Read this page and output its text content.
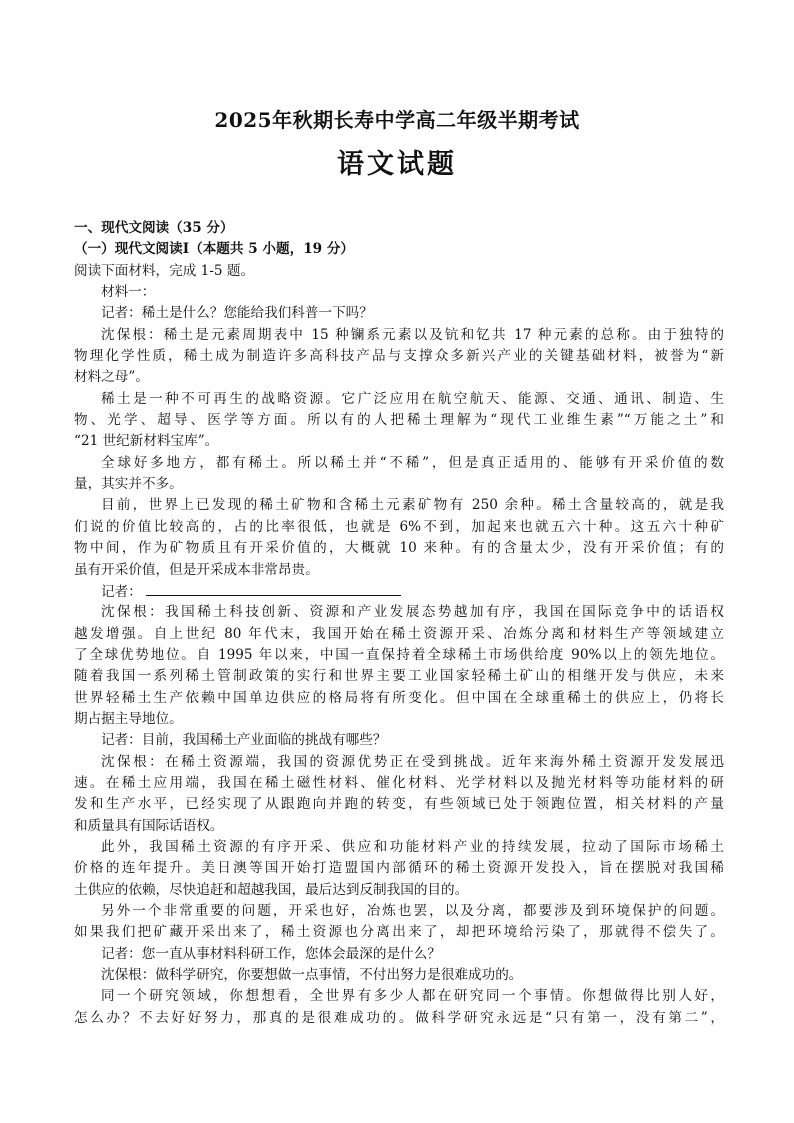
2025年秋期长寿中学高二年级半期考试
语文试题
一、现代文阅读（35 分）
（一）现代文阅读Ⅰ（本题共 5 小题，19 分）
阅读下面材料，完成 1-5 题。
材料一：
记者：稀土是什么？您能给我们科普一下吗？
沈保根：稀土是元素周期表中 15 种镧系元素以及钪和钇共 17 种元素的总称。由于独特的
物理化学性质，稀土成为制造许多高科技产品与支撑众多新兴产业的关键基础材料，被誉为“新
材料之母”。
稀土是一种不可再生的战略资源。它广泛应用在航空航天、能源、交通、通讯、制造、生
物、光学、超导、医学等方面。所以有的人把稀土理解为“现代工业维生素”“万能之土”和
“21 世纪新材料宝库”。
全球好多地方，都有稀土。所以稀土并“不稀”，但是真正适用的、能够有开采价值的数
量，其实并不多。
目前，世界上已发现的稀土矿物和含稀土元素矿物有 250 余种。稀土含量较高的，就是我
们说的价值比较高的，占的比率很低，也就是 6%不到，加起来也就五六十种。这五六十种矿
物中间，作为矿物质且有开采价值的，大概就 10 来种。有的含量太少，没有开采价值；有的
虽有开采价值，但是开采成本非常昂贵。
记者：
沈保根：我国稀土科技创新、资源和产业发展态势越加有序，我国在国际竞争中的话语权
越发增强。自上世纪 80 年代末，我国开始在稀土资源开采、冶炼分离和材料生产等领域建立
了全球优势地位。自 1995 年以来，中国一直保持着全球稀土市场供给度 90%以上的领先地位。
随着我国一系列稀土管制政策的实行和世界主要工业国家轻稀土矿山的相继开发与供应，未来
世界轻稀土生产依赖中国单边供应的格局将有所变化。但中国在全球重稀土的供应上，仍将长
期占据主导地位。
记者：目前，我国稀土产业面临的挑战有哪些？
沈保根：在稀土资源端，我国的资源优势正在受到挑战。近年来海外稀土资源开发发展迅
速。在稀土应用端，我国在稀土磁性材料、催化材料、光学材料以及抛光材料等功能材料的研
发和生产水平，已经实现了从跟跑向并跑的转变，有些领域已处于领跑位置，相关材料的产量
和质量具有国际话语权。
此外，我国稀土资源的有序开采、供应和功能材料产业的持续发展，拉动了国际市场稀土
价格的连年提升。美日澳等国开始打造盟国内部循环的稀土资源开发投入，旨在摆脱对我国稀
土供应的依赖，尽快追赶和超越我国，最后达到反制我国的目的。
另外一个非常重要的问题，开采也好，冶炼也罢，以及分离，都要涉及到环境保护的问题。
如果我们把矿藏开采出来了，稀土资源也分离出来了，却把环境给污染了，那就得不偿失了。
记者：您一直从事材料科研工作，您体会最深的是什么？
沈保根：做科学研究，你要想做一点事情，不付出努力是很难成功的。
同一个研究领域，你想想看，全世界有多少人都在研究同一个事情。你想做得比别人好，
怎么办？不去好好努力，那真的是很难成功的。做科学研究永远是“只有第一，没有第二”，
